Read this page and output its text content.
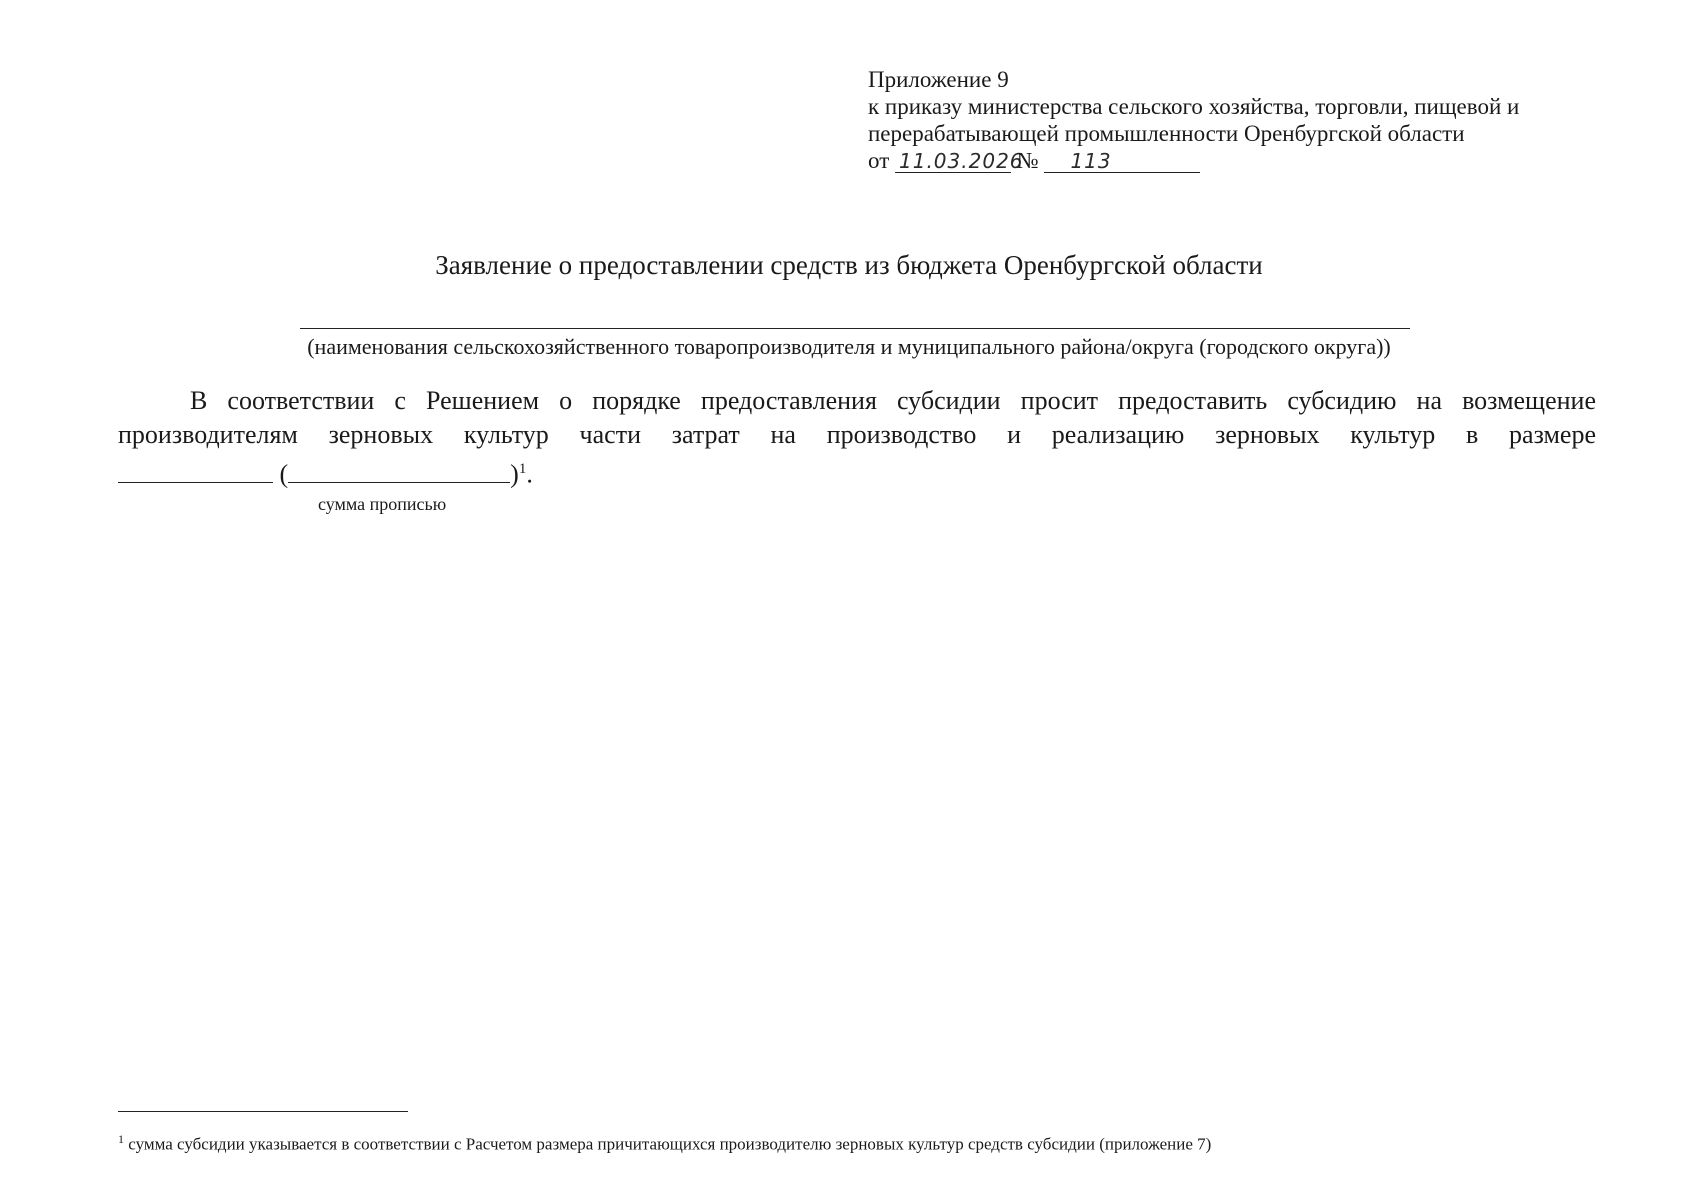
Приложение 9
к приказу министерства сельского хозяйства, торговли, пищевой и
перерабатывающей промышленности Оренбургской области
от 11.03.2026 № 113
Заявление о предоставлении средств из бюджета Оренбургской области
(наименования сельскохозяйственного товаропроизводителя и муниципального района/округа (городского округа))
В соответствии с Решением о порядке предоставления субсидии просит предоставить субсидию на возмещение
производителям зерновых культур части затрат на производство и реализацию зерновых культур в размере
(	)$^1$.
сумма прописью
$^1$ сумма субсидии указывается в соответствии с Расчетом размера причитающихся производителю зерновых культур средств субсидии (приложение 7)
